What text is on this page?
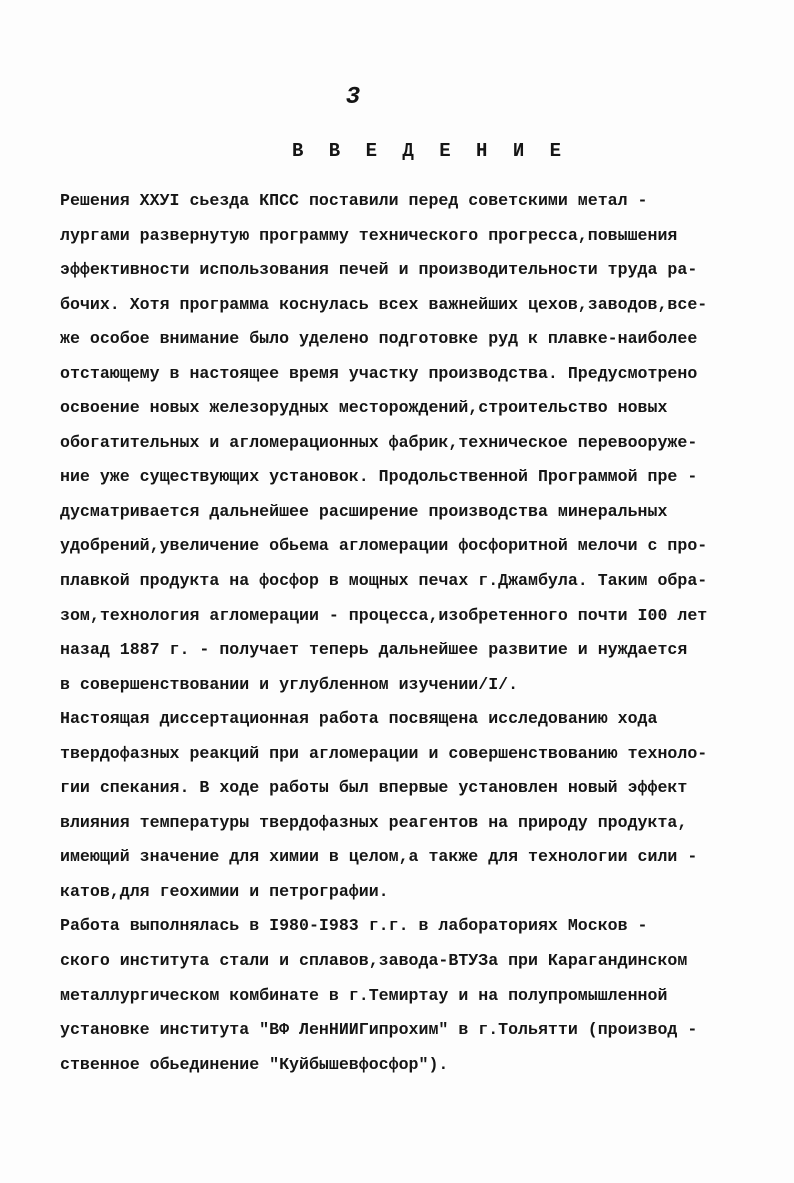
3
В В Е Д Е Н И Е
Решения XXУI сьезда КПСС поставили перед советскими метал -
лургами развернутую программу технического прогресса,повышения
эффективности использования печей и производительности труда ра-
бочих. Хотя программа коснулась всех важнейших цехов,заводов,все-
же особое внимание было уделено подготовке руд к плавке-наиболее
отстающему в настоящее время участку производства. Предусмотрено
освоение новых железорудных месторождений,строительство новых
обогатительных и агломерационных фабрик,техническое перевооруже-
ние уже существующих установок. Продольственной Программой пре -
дусматривается дальнейшее расширение производства минеральных
удобрений,увеличение обьема агломерации фосфоритной мелочи с про-
плавкой продукта на фосфор в мощных печах г.Джамбула. Таким обра-
зом,технология агломерации - процесса,изобретенного почти I00 лет
назад 1887 г. - получает теперь дальнейшее развитие и нуждается
в совершенствовании и углубленном изучении/I/.
Настоящая диссертационная работа посвящена исследованию хода
твердофазных реакций при агломерации и совершенствованию техноло-
гии спекания. В ходе работы был впервые установлен новый эффект
влияния температуры твердофазных реагентов на природу продукта,
имеющий значение для химии в целом,а также для технологии сили -
катов,для геохимии и петрографии.
Работа выполнялась в I980-I983 г.г. в лабораториях Москов -
ского института стали и сплавов,завода-ВТУЗа при Карагандинском
металлургическом комбинате в г.Темиртау и на полупромышленной
установке института "ВФ ЛенНИИГипрохим" в г.Тольятти (производ -
ственное обьединение "Куйбышевфосфор").
